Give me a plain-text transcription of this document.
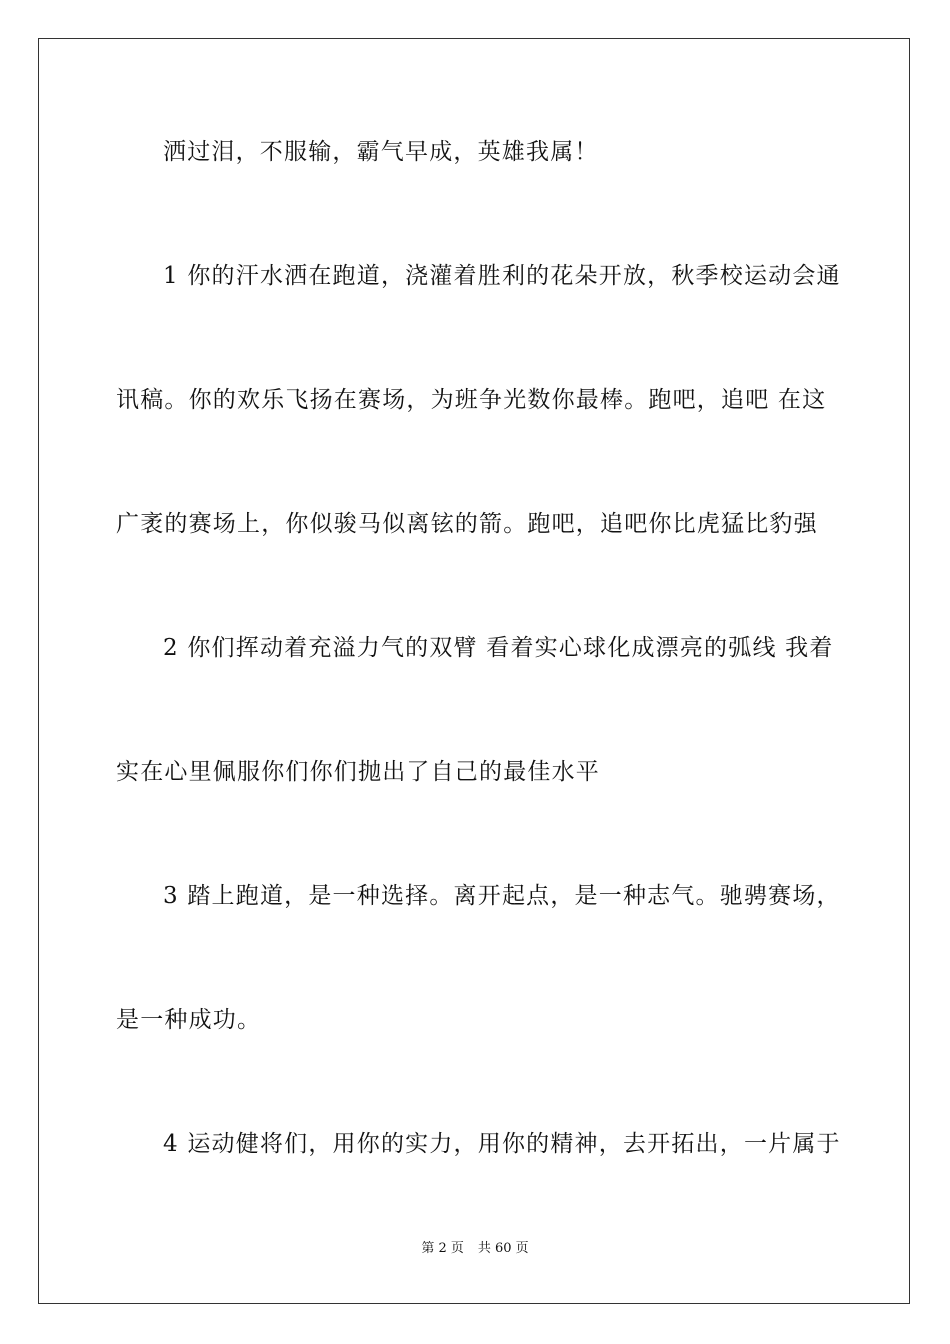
洒过泪，不服输，霸气早成，英雄我属！
1 你的汗水洒在跑道，浇灌着胜利的花朵开放，秋季校运动会通
讯稿。你的欢乐飞扬在赛场，为班争光数你最棒。跑吧，追吧 在这
广袤的赛场上，你似骏马似离铉的箭。跑吧，追吧你比虎猛比豹强
2 你们挥动着充溢力气的双臂 看着实心球化成漂亮的弧线 我着
实在心里佩服你们你们抛出了自己的最佳水平
3 踏上跑道，是一种选择。离开起点，是一种志气。驰骋赛场，
是一种成功。
4 运动健将们，用你的实力，用你的精神，去开拓出，一片属于
第 2 页 共 60 页
